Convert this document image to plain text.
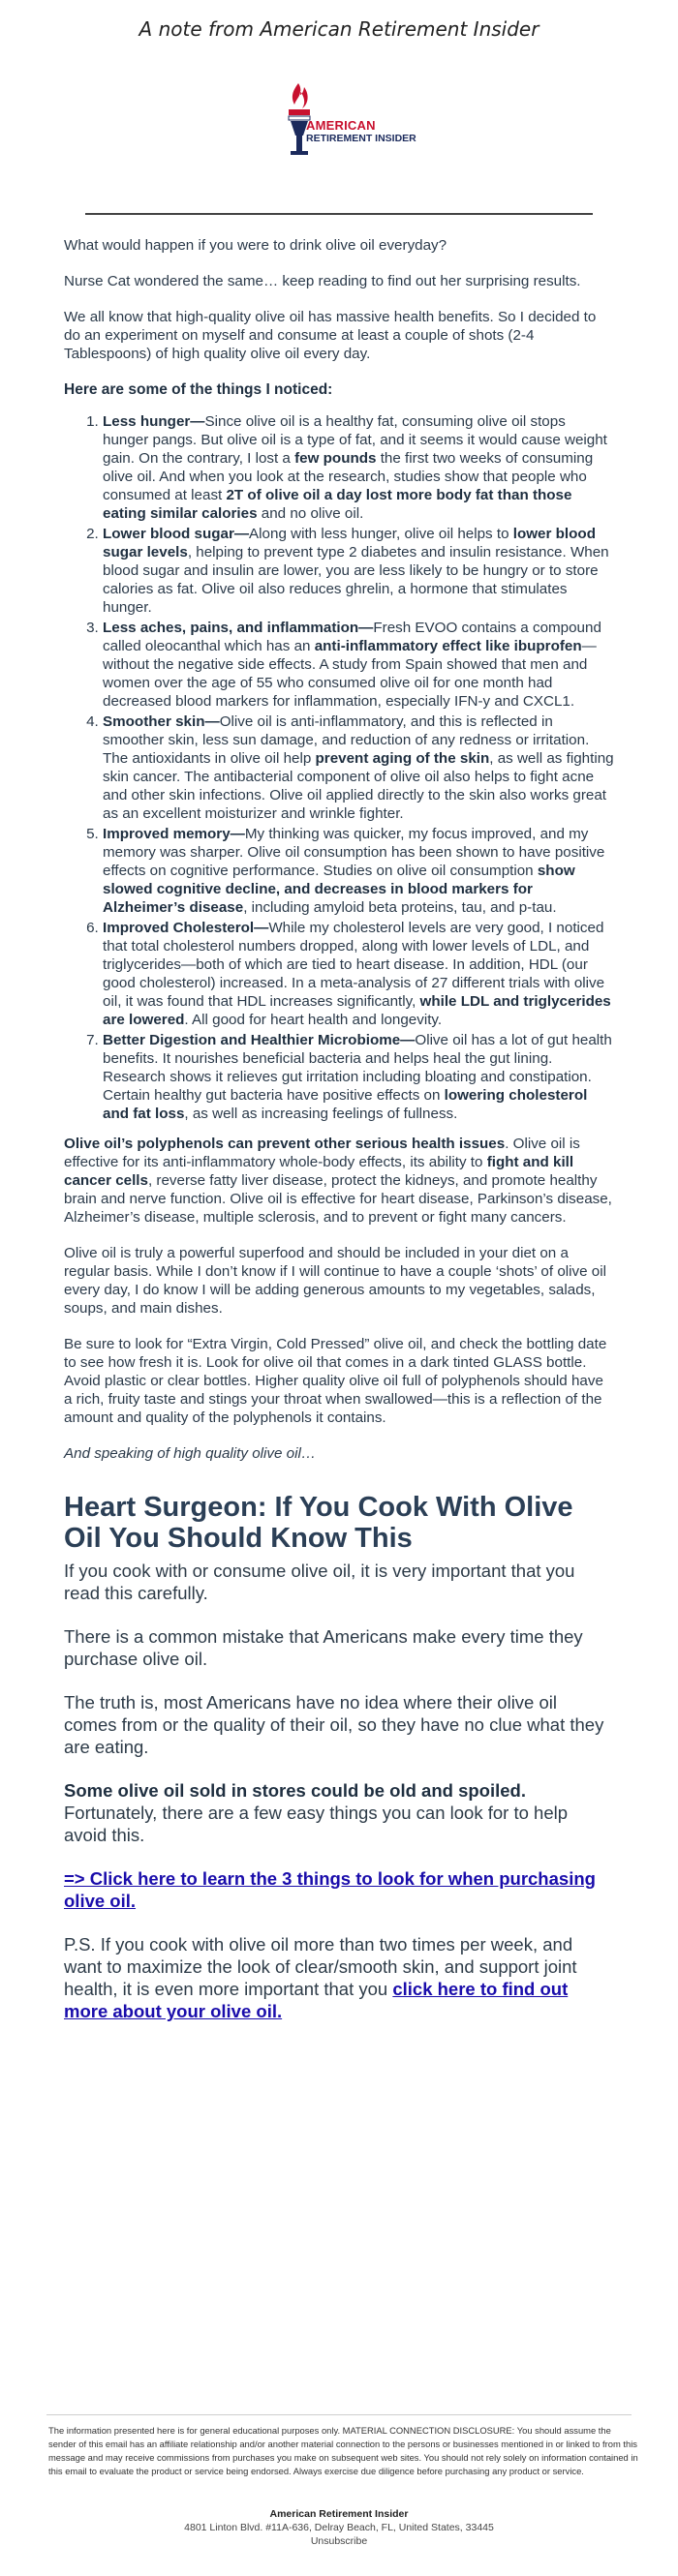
A note from American Retirement Insider
AMERICAN
RETIREMENT INSIDER

What would happen if you were to drink olive oil everyday?

Nurse Cat wondered the same… keep reading to find out her surprising results.

We all know that high-quality olive oil has massive health benefits. So I decided to do an experiment on myself and consume at least a couple of shots (2-4 Tablespoons) of high quality olive oil every day.

Here are some of the things I noticed:

1. Less hunger—Since olive oil is a healthy fat, consuming olive oil stops hunger pangs. But olive oil is a type of fat, and it seems it would cause weight gain. On the contrary, I lost a few pounds the first two weeks of consuming olive oil. And when you look at the research, studies show that people who consumed at least 2T of olive oil a day lost more body fat than those eating similar calories and no olive oil.
2. Lower blood sugar—Along with less hunger, olive oil helps to lower blood sugar levels, helping to prevent type 2 diabetes and insulin resistance. When blood sugar and insulin are lower, you are less likely to be hungry or to store calories as fat. Olive oil also reduces ghrelin, a hormone that stimulates hunger.
3. Less aches, pains, and inflammation—Fresh EVOO contains a compound called oleocanthal which has an anti-inflammatory effect like ibuprofen—without the negative side effects. A study from Spain showed that men and women over the age of 55 who consumed olive oil for one month had decreased blood markers for inflammation, especially IFN-y and CXCL1.
4. Smoother skin—Olive oil is anti-inflammatory, and this is reflected in smoother skin, less sun damage, and reduction of any redness or irritation. The antioxidants in olive oil help prevent aging of the skin, as well as fighting skin cancer. The antibacterial component of olive oil also helps to fight acne and other skin infections. Olive oil applied directly to the skin also works great as an excellent moisturizer and wrinkle fighter.
5. Improved memory—My thinking was quicker, my focus improved, and my memory was sharper. Olive oil consumption has been shown to have positive effects on cognitive performance. Studies on olive oil consumption show slowed cognitive decline, and decreases in blood markers for Alzheimer’s disease, including amyloid beta proteins, tau, and p-tau.
6. Improved Cholesterol—While my cholesterol levels are very good, I noticed that total cholesterol numbers dropped, along with lower levels of LDL, and triglycerides—both of which are tied to heart disease. In addition, HDL (our good cholesterol) increased. In a meta-analysis of 27 different trials with olive oil, it was found that HDL increases significantly, while LDL and triglycerides are lowered. All good for heart health and longevity.
7. Better Digestion and Healthier Microbiome—Olive oil has a lot of gut health benefits. It nourishes beneficial bacteria and helps heal the gut lining. Research shows it relieves gut irritation including bloating and constipation. Certain healthy gut bacteria have positive effects on lowering cholesterol and fat loss, as well as increasing feelings of fullness.

Olive oil’s polyphenols can prevent other serious health issues. Olive oil is effective for its anti-inflammatory whole-body effects, its ability to fight and kill cancer cells, reverse fatty liver disease, protect the kidneys, and promote healthy brain and nerve function. Olive oil is effective for heart disease, Parkinson’s disease, Alzheimer’s disease, multiple sclerosis, and to prevent or fight many cancers.

Olive oil is truly a powerful superfood and should be included in your diet on a regular basis. While I don’t know if I will continue to have a couple ‘shots’ of olive oil every day, I do know I will be adding generous amounts to my vegetables, salads, soups, and main dishes.

Be sure to look for “Extra Virgin, Cold Pressed” olive oil, and check the bottling date to see how fresh it is. Look for olive oil that comes in a dark tinted GLASS bottle. Avoid plastic or clear bottles. Higher quality olive oil full of polyphenols should have a rich, fruity taste and stings your throat when swallowed—this is a reflection of the amount and quality of the polyphenols it contains.

And speaking of high quality olive oil…

Heart Surgeon: If You Cook With Olive Oil You Should Know This

If you cook with or consume olive oil, it is very important that you read this carefully.

There is a common mistake that Americans make every time they purchase olive oil.

The truth is, most Americans have no idea where their olive oil comes from or the quality of their oil, so they have no clue what they are eating.

Some olive oil sold in stores could be old and spoiled. Fortunately, there are a few easy things you can look for to help avoid this.

=> Click here to learn the 3 things to look for when purchasing olive oil.

P.S. If you cook with olive oil more than two times per week, and want to maximize the look of clear/smooth skin, and support joint health, it is even more important that you click here to find out more about your olive oil.

The information presented here is for general educational purposes only. MATERIAL CONNECTION DISCLOSURE: You should assume the sender of this email has an affiliate relationship and/or another material connection to the persons or businesses mentioned in or linked to from this message and may receive commissions from purchases you make on subsequent web sites. You should not rely solely on information contained in this email to evaluate the product or service being endorsed. Always exercise due diligence before purchasing any product or service.
American Retirement Insider
4801 Linton Blvd. #11A-636, Delray Beach, FL, United States, 33445
Unsubscribe
